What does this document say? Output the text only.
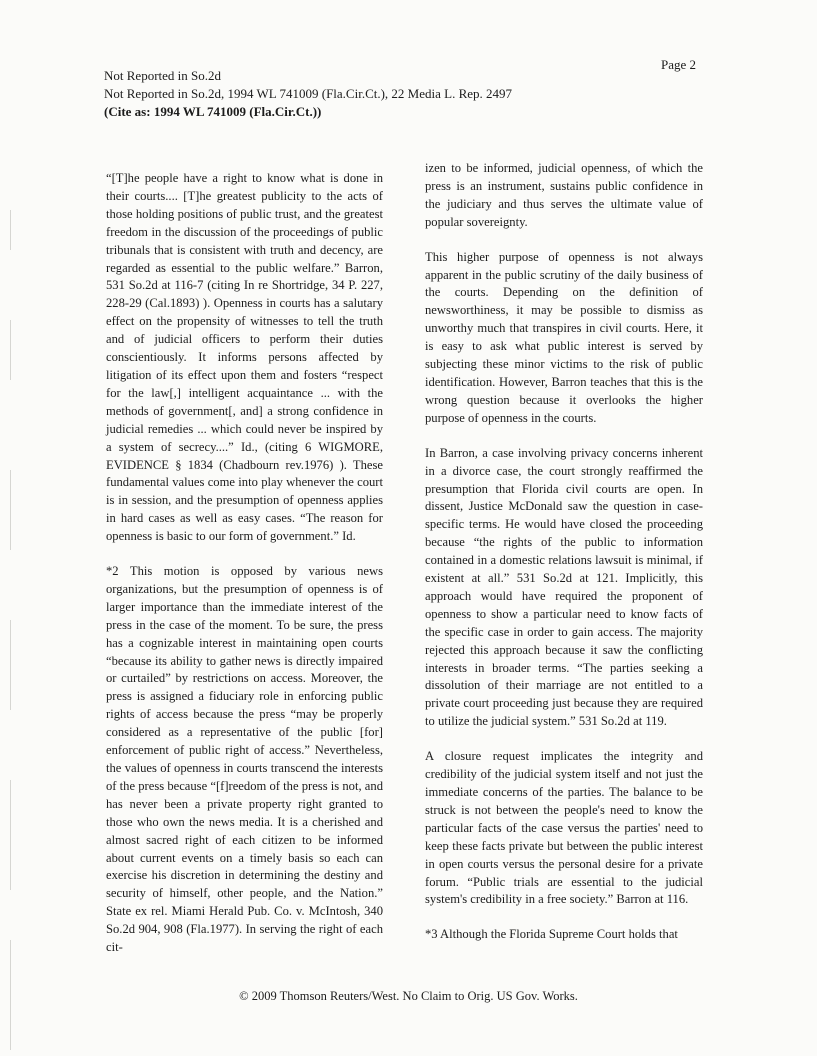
Page 2
Not Reported in So.2d
Not Reported in So.2d, 1994 WL 741009 (Fla.Cir.Ct.), 22 Media L. Rep. 2497
(Cite as: 1994 WL 741009 (Fla.Cir.Ct.))

“[T]he people have a right to know what is done in their courts.... [T]he greatest publicity to the acts of those holding positions of public trust, and the greatest freedom in the discussion of the proceedings of public tribunals that is consistent with truth and decency, are regarded as essential to the public welfare.” Barron, 531 So.2d at 116-7 (citing In re Shortridge, 34 P. 227, 228-29 (Cal.1893) ). Openness in courts has a salutary effect on the propensity of witnesses to tell the truth and of judicial officers to perform their duties conscientiously. It informs persons affected by litigation of its effect upon them and fosters “respect for the law[,] intelligent acquaintance ... with the methods of government[, and] a strong confidence in judicial remedies ... which could never be inspired by a system of secrecy....” Id., (citing 6 WIGMORE, EVIDENCE § 1834 (Chadbourn rev.1976) ). These fundamental values come into play whenever the court is in session, and the presumption of openness applies in hard cases as well as easy cases. “The reason for openness is basic to our form of government.” Id.

*2 This motion is opposed by various news organizations, but the presumption of openness is of larger importance than the immediate interest of the press in the case of the moment. To be sure, the press has a cognizable interest in maintaining open courts “because its ability to gather news is directly impaired or curtailed” by restrictions on access. Moreover, the press is assigned a fiduciary role in enforcing public rights of access because the press “may be properly considered as a representative of the public [for] enforcement of public right of access.” Nevertheless, the values of openness in courts transcend the interests of the press because “[f]reedom of the press is not, and has never been a private property right granted to those who own the news media. It is a cherished and almost sacred right of each citizen to be informed about current events on a timely basis so each can exercise his discretion in determining the destiny and security of himself, other people, and the Nation.” State ex rel. Miami Herald Pub. Co. v. McIntosh, 340 So.2d 904, 908 (Fla.1977). In serving the right of each cit-

izen to be informed, judicial openness, of which the press is an instrument, sustains public confidence in the judiciary and thus serves the ultimate value of popular sovereignty.

This higher purpose of openness is not always apparent in the public scrutiny of the daily business of the courts. Depending on the definition of newsworthiness, it may be possible to dismiss as unworthy much that transpires in civil courts. Here, it is easy to ask what public interest is served by subjecting these minor victims to the risk of public identification. However, Barron teaches that this is the wrong question because it overlooks the higher purpose of openness in the courts.

In Barron, a case involving privacy concerns inherent in a divorce case, the court strongly reaffirmed the presumption that Florida civil courts are open. In dissent, Justice McDonald saw the question in case-specific terms. He would have closed the proceeding because “the rights of the public to information contained in a domestic relations lawsuit is minimal, if existent at all.” 531 So.2d at 121. Implicitly, this approach would have required the proponent of openness to show a particular need to know facts of the specific case in order to gain access. The majority rejected this approach because it saw the conflicting interests in broader terms. “The parties seeking a dissolution of their marriage are not entitled to a private court proceeding just because they are required to utilize the judicial system.” 531 So.2d at 119.

A closure request implicates the integrity and credibility of the judicial system itself and not just the immediate concerns of the parties. The balance to be struck is not between the people's need to know the particular facts of the case versus the parties' need to keep these facts private but between the public interest in open courts versus the personal desire for a private forum. “Public trials are essential to the judicial system's credibility in a free society.” Barron at 116.

*3 Although the Florida Supreme Court holds that

© 2009 Thomson Reuters/West. No Claim to Orig. US Gov. Works.
